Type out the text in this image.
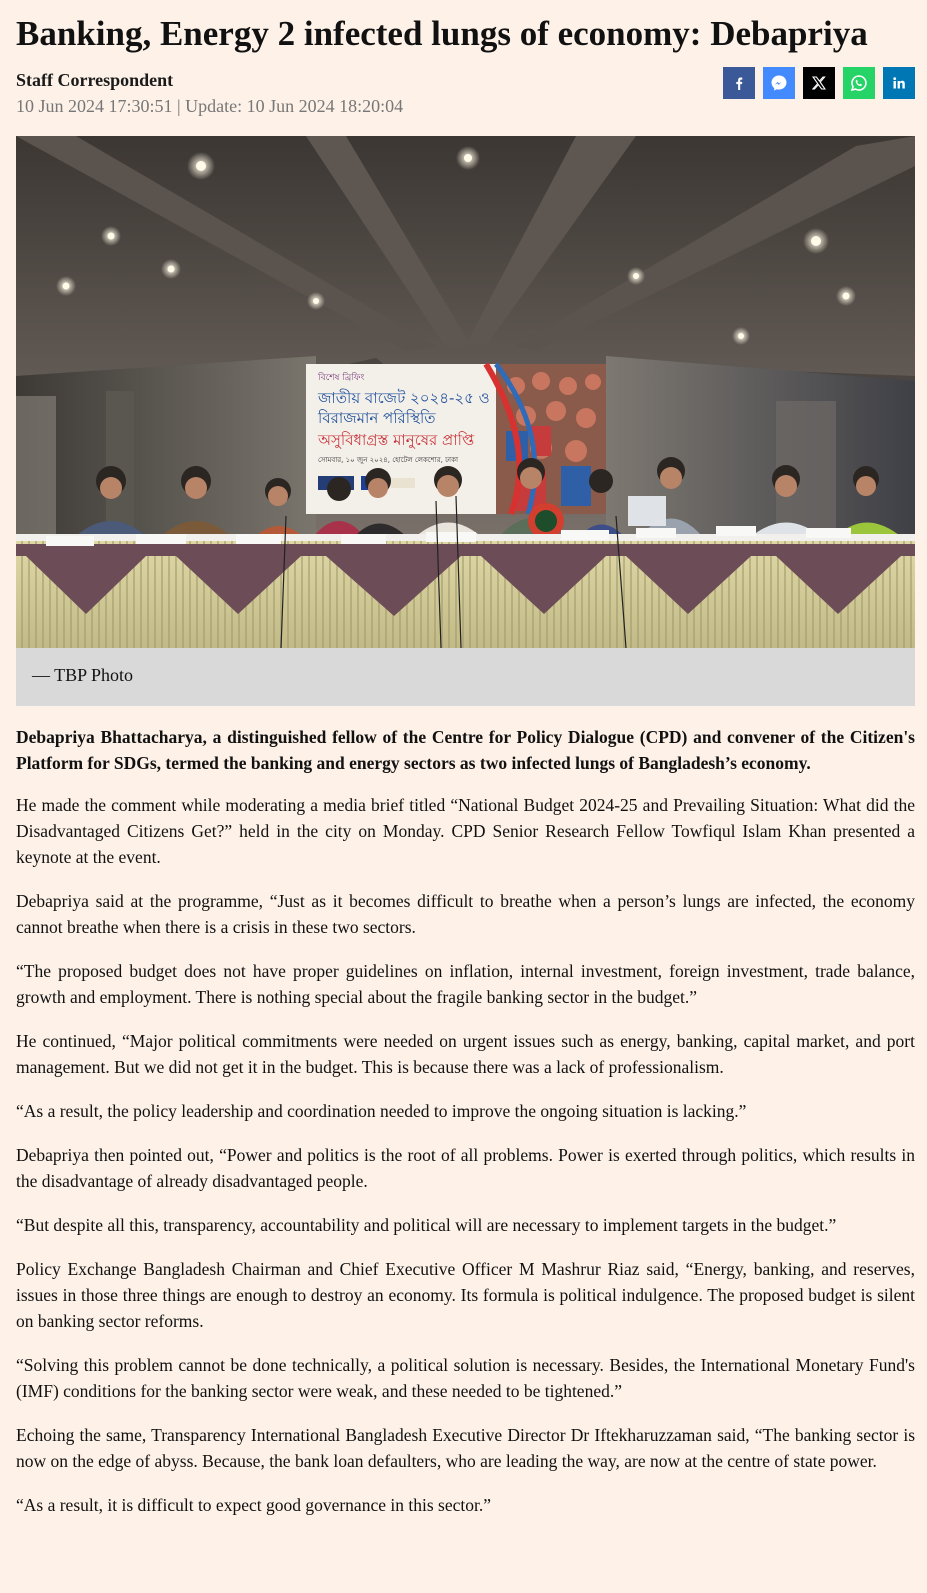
Banking, Energy 2 infected lungs of economy: Debapriya
Staff Correspondent
10 Jun 2024 17:30:51 | Update: 10 Jun 2024 18:20:04
বিশেষ ব্রিফিং
জাতীয় বাজেট ২০২৪-২৫ ও
বিরাজমান পরিস্থিতি
অসুবিধাগ্রস্ত মানুষের প্রাপ্তি
সোমবার, ১০ জুন ২০২৪, হোটেল লেকশোর, ঢাকা
— TBP Photo

Debapriya Bhattacharya, a distinguished fellow of the Centre for Policy Dialogue (CPD) and convener of the Citizen's Platform for SDGs, termed the banking and energy sectors as two infected lungs of Bangladesh’s economy.

He made the comment while moderating a media brief titled “National Budget 2024-25 and Prevailing Situation: What did the Disadvantaged Citizens Get?” held in the city on Monday. CPD Senior Research Fellow Towfiqul Islam Khan presented a keynote at the event.

Debapriya said at the programme, “Just as it becomes difficult to breathe when a person’s lungs are infected, the economy cannot breathe when there is a crisis in these two sectors.

“The proposed budget does not have proper guidelines on inflation, internal investment, foreign investment, trade balance, growth and employment. There is nothing special about the fragile banking sector in the budget.”

He continued, “Major political commitments were needed on urgent issues such as energy, banking, capital market, and port management. But we did not get it in the budget. This is because there was a lack of professionalism.

“As a result, the policy leadership and coordination needed to improve the ongoing situation is lacking.”

Debapriya then pointed out, “Power and politics is the root of all problems. Power is exerted through politics, which results in the disadvantage of already disadvantaged people.

“But despite all this, transparency, accountability and political will are necessary to implement targets in the budget.”

Policy Exchange Bangladesh Chairman and Chief Executive Officer M Mashrur Riaz said, “Energy, banking, and reserves, issues in those three things are enough to destroy an economy. Its formula is political indulgence. The proposed budget is silent on banking sector reforms.

“Solving this problem cannot be done technically, a political solution is necessary. Besides, the International Monetary Fund's (IMF) conditions for the banking sector were weak, and these needed to be tightened.”

Echoing the same, Transparency International Bangladesh Executive Director Dr Iftekharuzzaman said, “The banking sector is now on the edge of abyss. Because, the bank loan defaulters, who are leading the way, are now at the centre of state power.

“As a result, it is difficult to expect good governance in this sector.”
